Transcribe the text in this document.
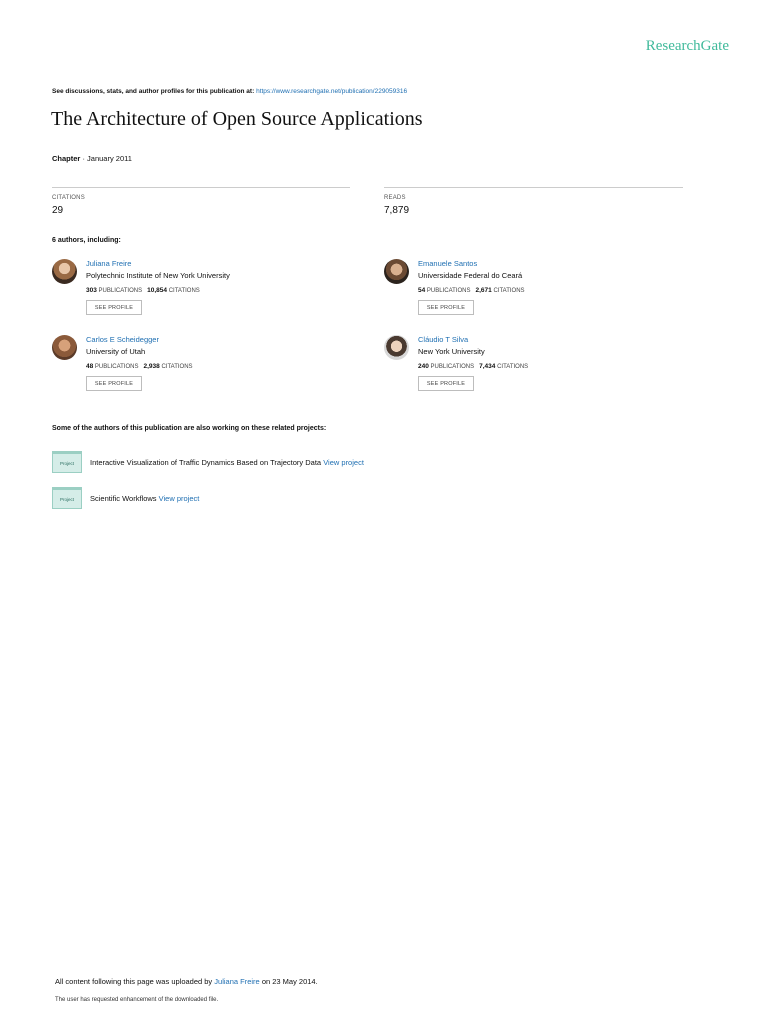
ResearchGate
See discussions, stats, and author profiles for this publication at: https://www.researchgate.net/publication/229059316
The Architecture of Open Source Applications
Chapter · January 2011
CITATIONS
29
READS
7,879
6 authors, including:
Juliana Freire
Polytechnic Institute of New York University
303 PUBLICATIONS 10,854 CITATIONS
SEE PROFILE
Emanuele Santos
Universidade Federal do Ceará
54 PUBLICATIONS 2,671 CITATIONS
SEE PROFILE
Carlos E Scheidegger
University of Utah
48 PUBLICATIONS 2,938 CITATIONS
SEE PROFILE
Cláudio T Silva
New York University
240 PUBLICATIONS 7,434 CITATIONS
SEE PROFILE
Some of the authors of this publication are also working on these related projects:
Project	Interactive Visualization of Traffic Dynamics Based on Trajectory Data View project
Project	Scientific Workflows View project
All content following this page was uploaded by Juliana Freire on 23 May 2014.
The user has requested enhancement of the downloaded file.
